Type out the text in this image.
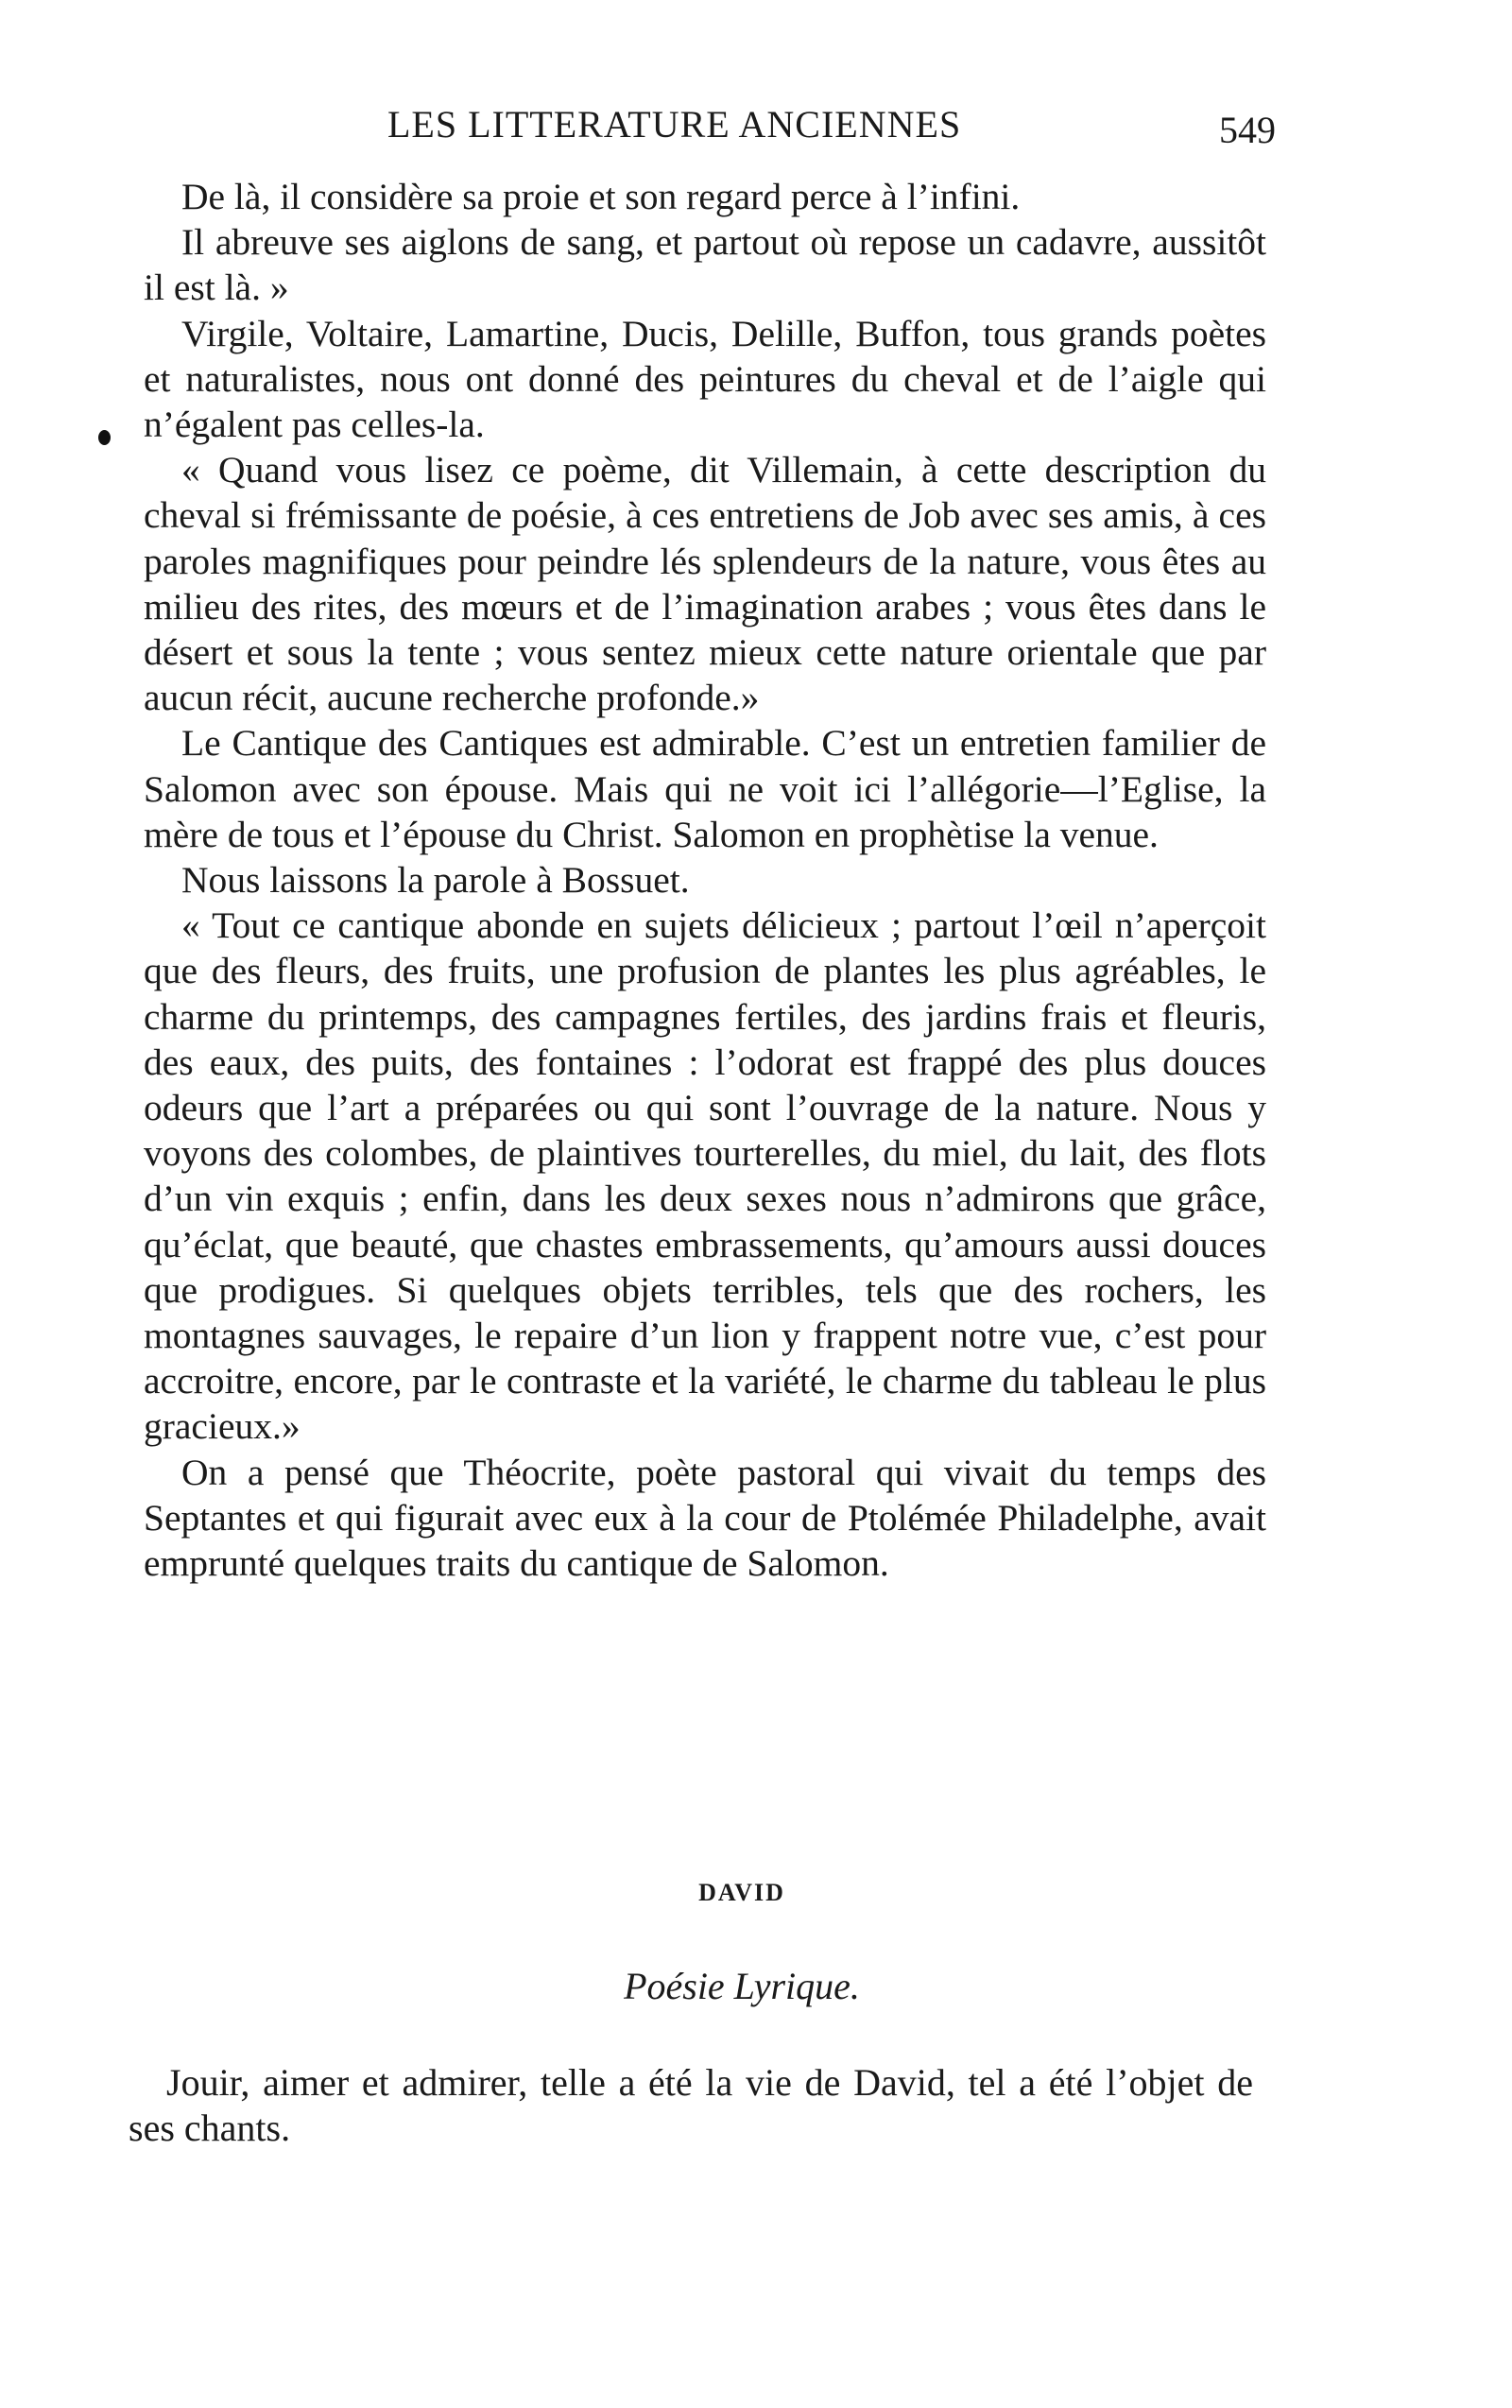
LES LITTERATURE ANCIENNES	549

De là, il considère sa proie et son regard perce à l’infini.

Il abreuve ses aiglons de sang, et partout où repose un cadavre, aussitôt il est là. »

Virgile, Voltaire, Lamartine, Ducis, Delille, Buffon, tous grands poètes et naturalistes, nous ont donné des peintures du cheval et de l’aigle qui n’égalent pas celles-la.

« Quand vous lisez ce poème, dit Villemain, à cette description du cheval si frémissante de poésie, à ces entretiens de Job avec ses amis, à ces paroles magnifiques pour peindre lés splendeurs de la nature, vous êtes au milieu des rites, des mœurs et de l’imagination arabes ; vous êtes dans le désert et sous la tente ; vous sentez mieux cette nature orientale que par aucun récit, aucune recherche profonde.»

Le Cantique des Cantiques est admirable. C’est un entretien familier de Salomon avec son épouse. Mais qui ne voit ici l’allégorie—l’Eglise, la mère de tous et l’épouse du Christ. Salomon en prophètise la venue.

Nous laissons la parole à Bossuet.

« Tout ce cantique abonde en sujets délicieux ; partout l’œil n’aperçoit que des fleurs, des fruits, une profusion de plantes les plus agréables, le charme du printemps, des campagnes fertiles, des jardins frais et fleuris, des eaux, des puits, des fontaines : l’odorat est frappé des plus douces odeurs que l’art a préparées ou qui sont l’ouvrage de la nature. Nous y voyons des colombes, de plaintives tourterelles, du miel, du lait, des flots d’un vin exquis ; enfin, dans les deux sexes nous n’admirons que grâce, qu’éclat, que beauté, que chastes embrassements, qu’amours aussi douces que prodigues. Si quelques objets terribles, tels que des rochers, les montagnes sauvages, le repaire d’un lion y frappent notre vue, c’est pour accroitre, encore, par le contraste et la variété, le charme du tableau le plus gracieux.»

On a pensé que Théocrite, poète pastoral qui vivait du temps des Septantes et qui figurait avec eux à la cour de Ptolémée Philadelphe, avait emprunté quelques traits du cantique de Salomon.

DAVID
Poésie Lyrique.

Jouir, aimer et admirer, telle a été la vie de David, tel a été l’objet de ses chants.
